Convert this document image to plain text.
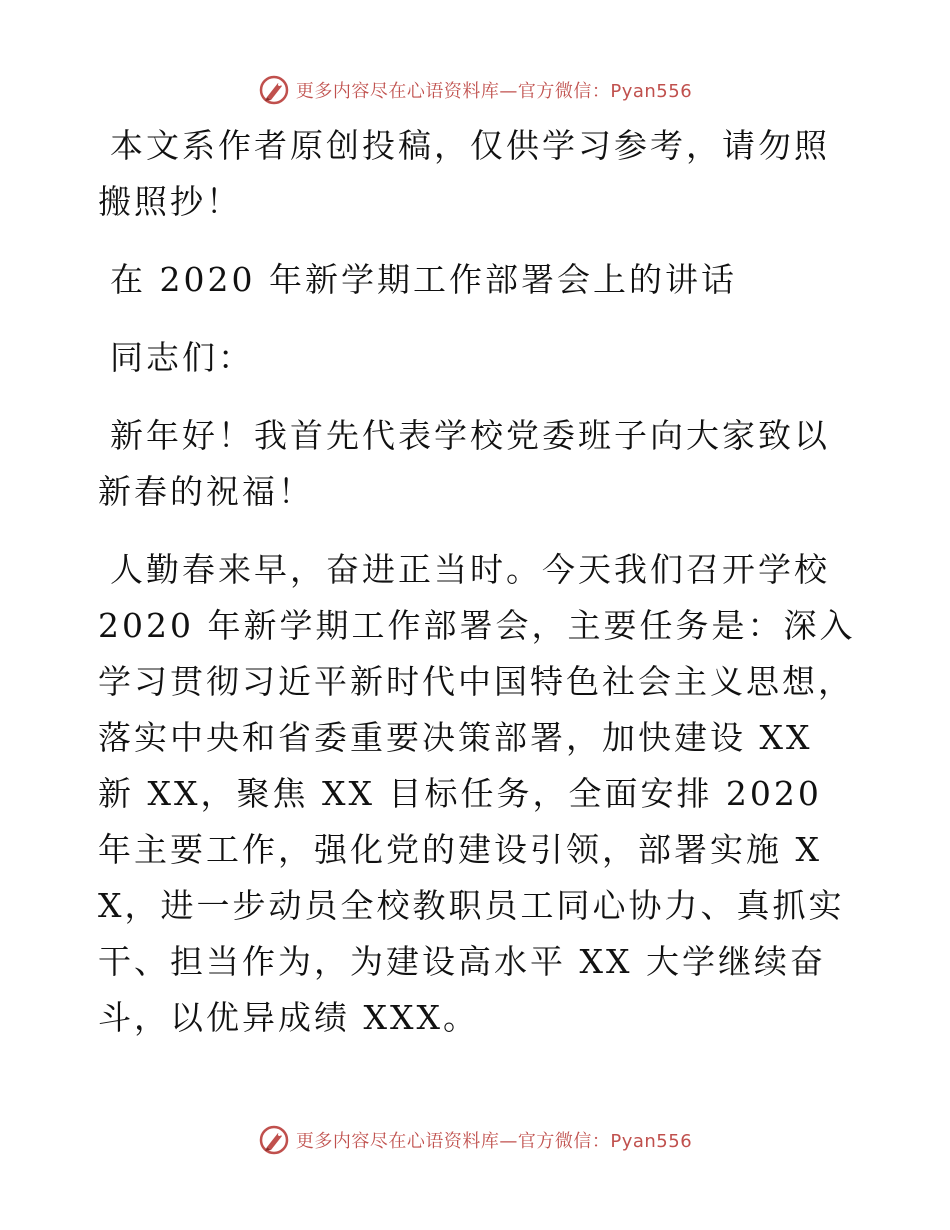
更多内容尽在心语资料库—官方微信：Pyan556

本文系作者原创投稿，仅供学习参考，请勿照搬照抄！

在 2020 年新学期工作部署会上的讲话

同志们：

新年好！我首先代表学校党委班子向大家致以新春的祝福！

人勤春来早，奋进正当时。今天我们召开学校 2020 年新学期工作部署会，主要任务是：深入学习贯彻习近平新时代中国特色社会主义思想，落实中央和省委重要决策部署，加快建设 XX 新 XX，聚焦 XX 目标任务，全面安排 2020 年主要工作，强化党的建设引领，部署实施 XX，进一步动员全校教职员工同心协力、真抓实干、担当作为，为建设高水平 XX 大学继续奋斗，以优异成绩 XXX。

更多内容尽在心语资料库—官方微信：Pyan556
